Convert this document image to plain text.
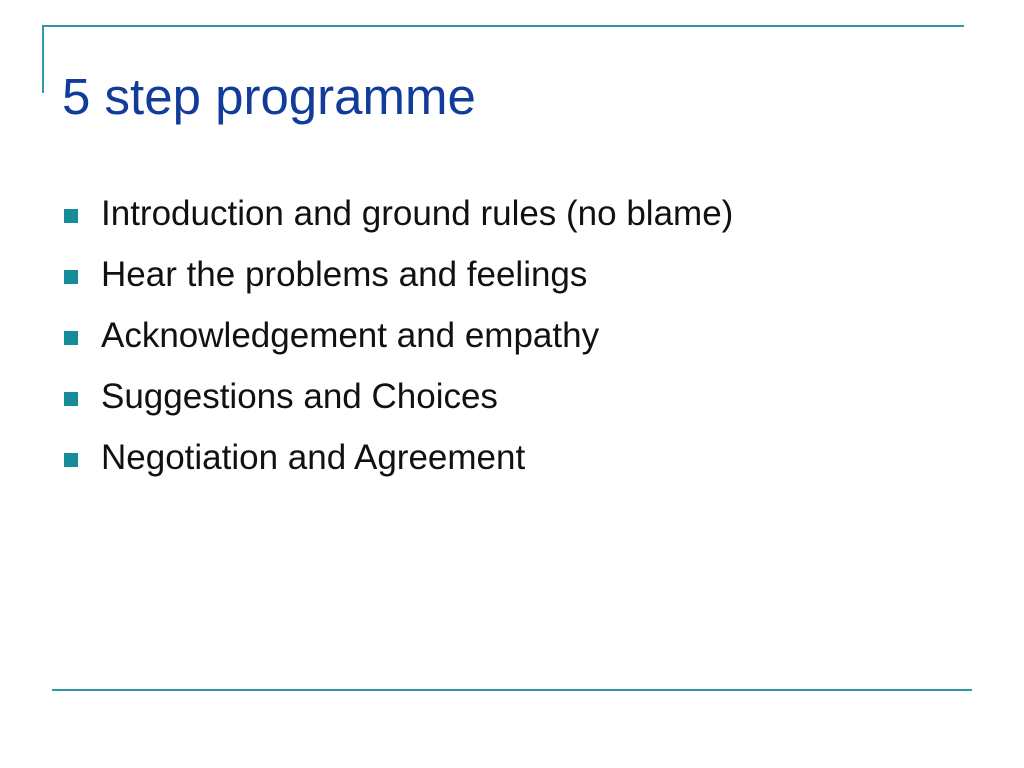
5 step programme
Introduction and ground rules (no blame)
Hear the problems and feelings
Acknowledgement and empathy
Suggestions and Choices
Negotiation and Agreement
